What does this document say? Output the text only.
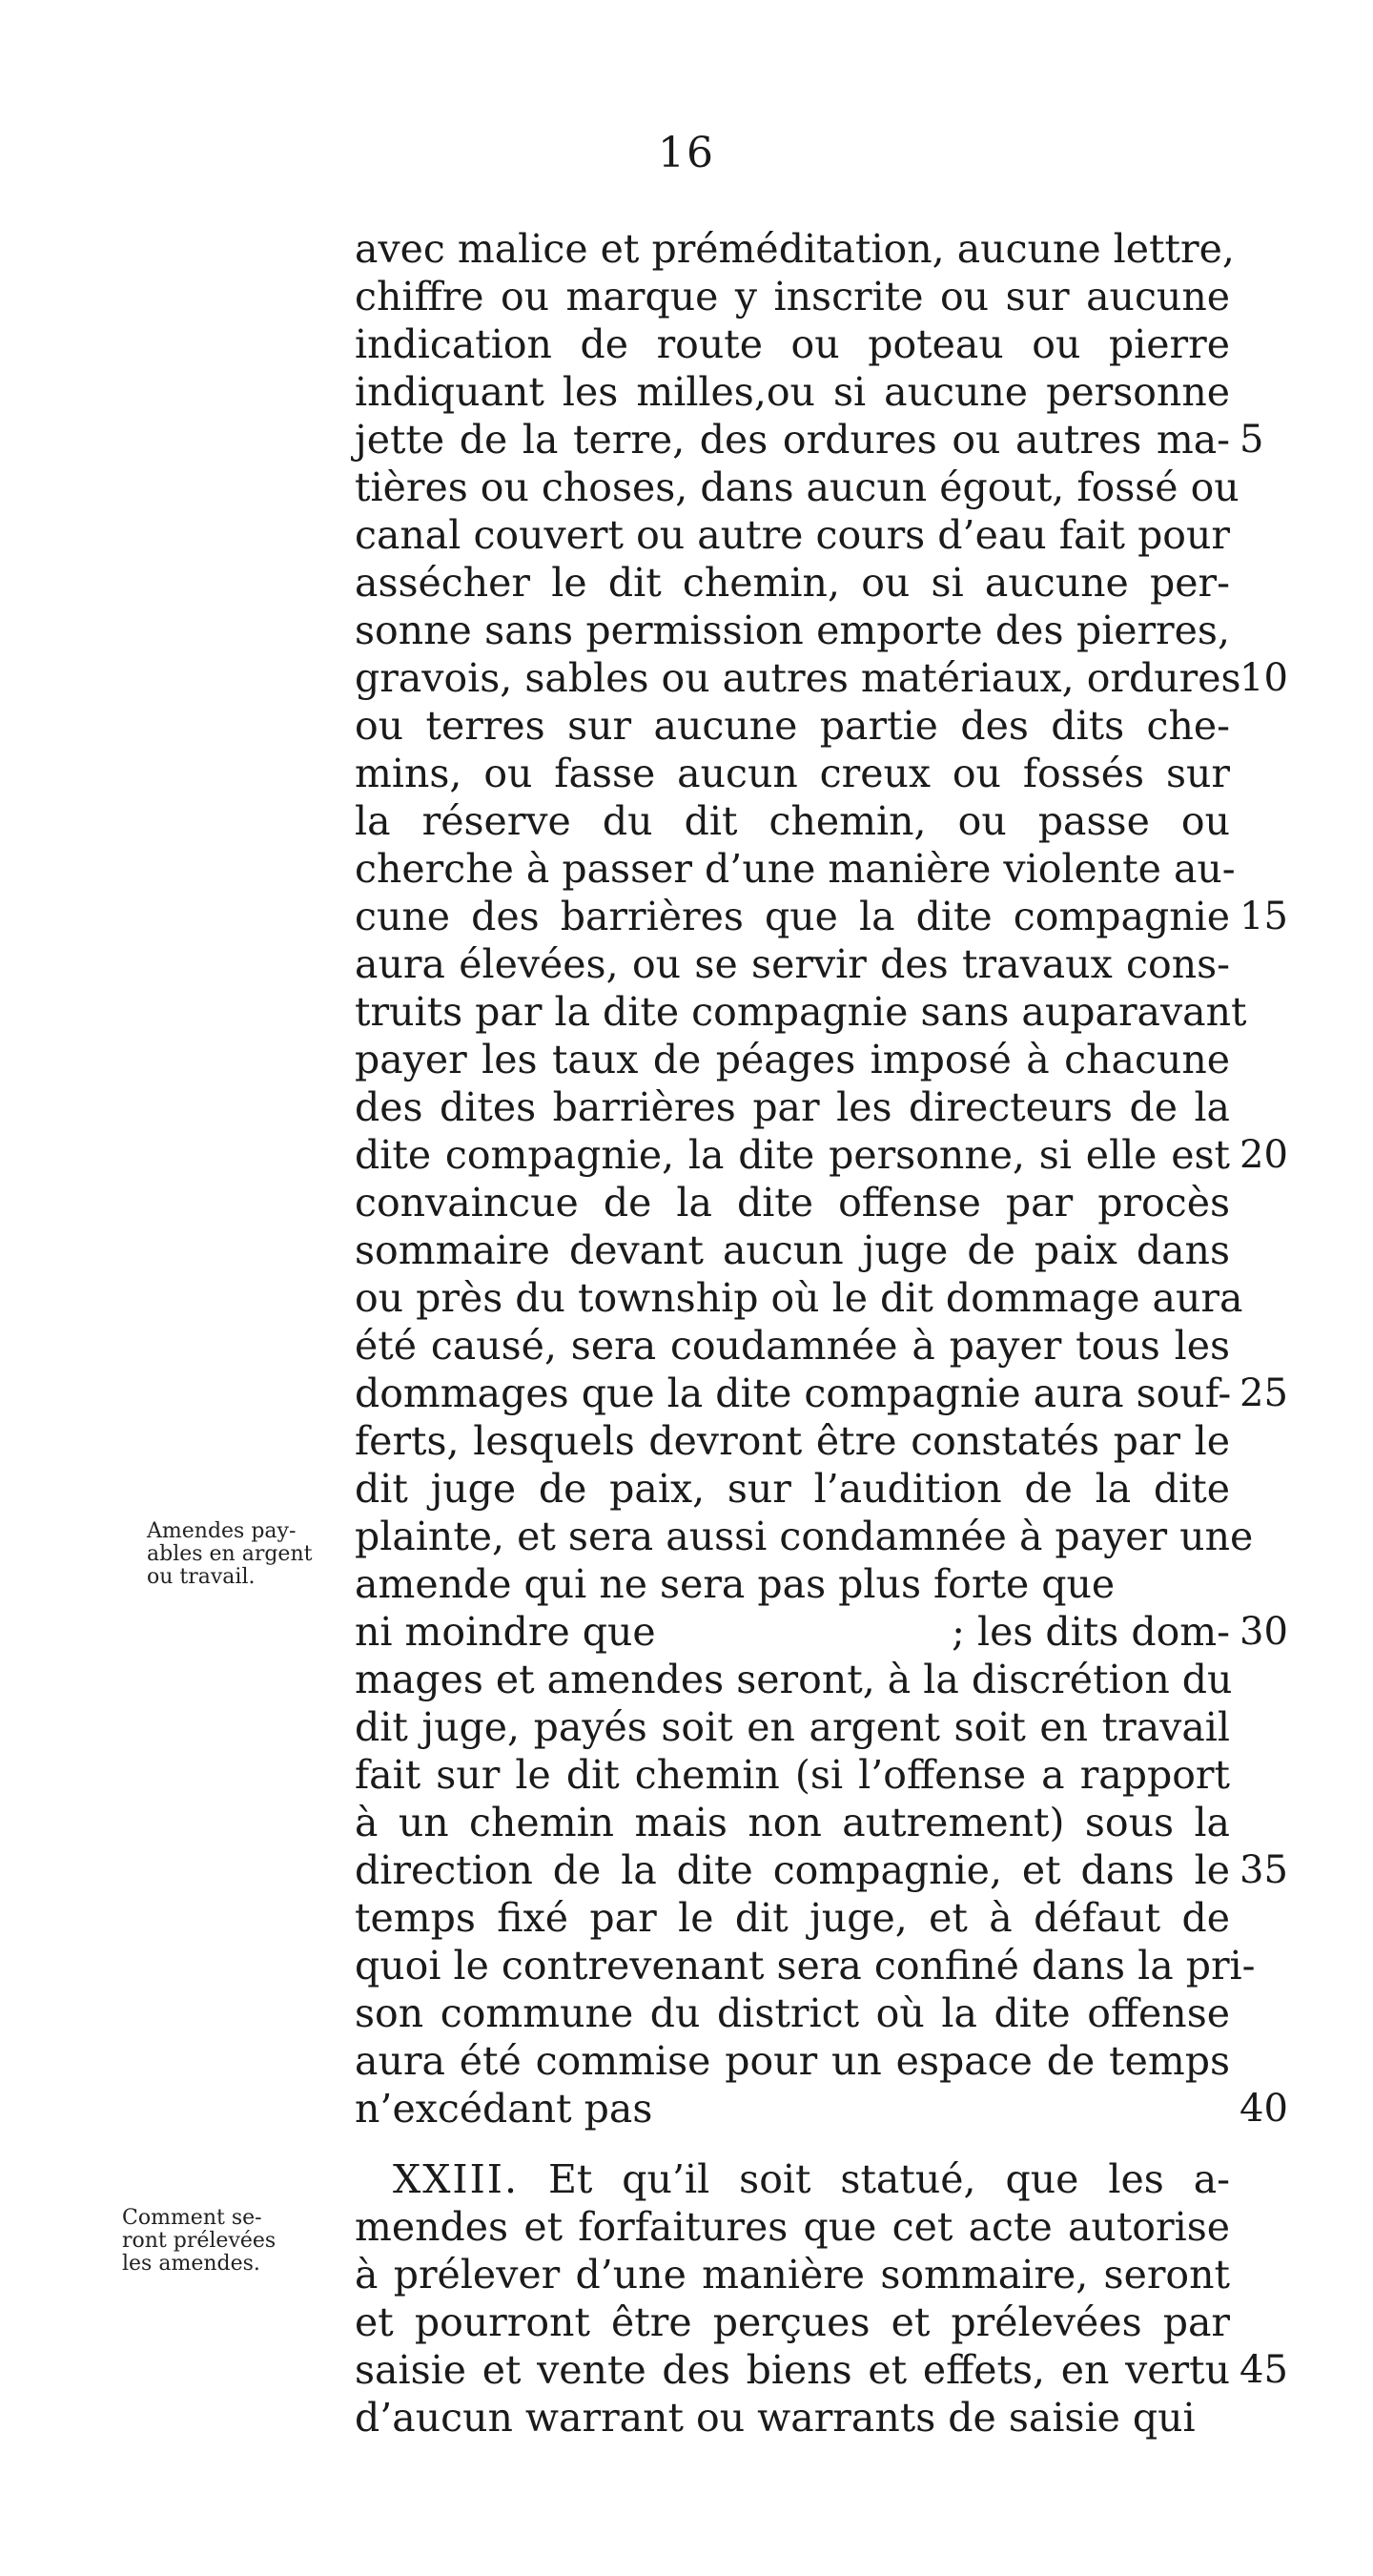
16
avec malice et préméditation, aucune lettre,
chiffre ou marque y inscrite ou sur aucune
indication de route ou poteau ou pierre
indiquant les milles,ou si aucune personne
jette de la terre, des ordures ou autres ma-
tières ou choses, dans aucun égout, fossé ou
canal couvert ou autre cours d’eau fait pour
assécher le dit chemin, ou si aucune per-
sonne sans permission emporte des pierres,
gravois, sables ou autres matériaux, ordures
ou terres sur aucune partie des dits che-
mins, ou fasse aucun creux ou fossés sur
la réserve du dit chemin, ou passe ou
cherche à passer d’une manière violente au-
cune des barrières que la dite compagnie
aura élevées, ou se servir des travaux cons-
truits par la dite compagnie sans auparavant
payer les taux de péages imposé à chacune
des dites barrières par les directeurs de la
dite compagnie, la dite personne, si elle est
convaincue de la dite offense par procès
sommaire devant aucun juge de paix dans
ou près du township où le dit dommage aura
été causé, sera coudamnée à payer tous les
dommages que la dite compagnie aura souf-
ferts, lesquels devront être constatés par le
dit juge de paix, sur l’audition de la dite
plainte, et sera aussi condamnée à payer une
amende qui ne sera pas plus forte que
ni moindre que	; les dits dom-
mages et amendes seront, à la discrétion du
dit juge, payés soit en argent soit en travail
fait sur le dit chemin (si l’offense a rapport
à un chemin mais non autrement) sous la
direction de la dite compagnie, et dans le
temps fixé par le dit juge, et à défaut de
quoi le contrevenant sera confiné dans la pri-
son commune du district où la dite offense
aura été commise pour un espace de temps
n’excédant pas
XXIII. Et qu’il soit statué, que les a-
mendes et forfaitures que cet acte autorise
à prélever d’une manière sommaire, seront
et pourront être perçues et prélevées par
saisie et vente des biens et effets, en vertu
d’aucun warrant ou warrants de saisie qui
5
10
15
20
25
30
35
40
45
Amendes pay-
ables en argent
ou travail.
Comment se-
ront prélevées
les amendes.
